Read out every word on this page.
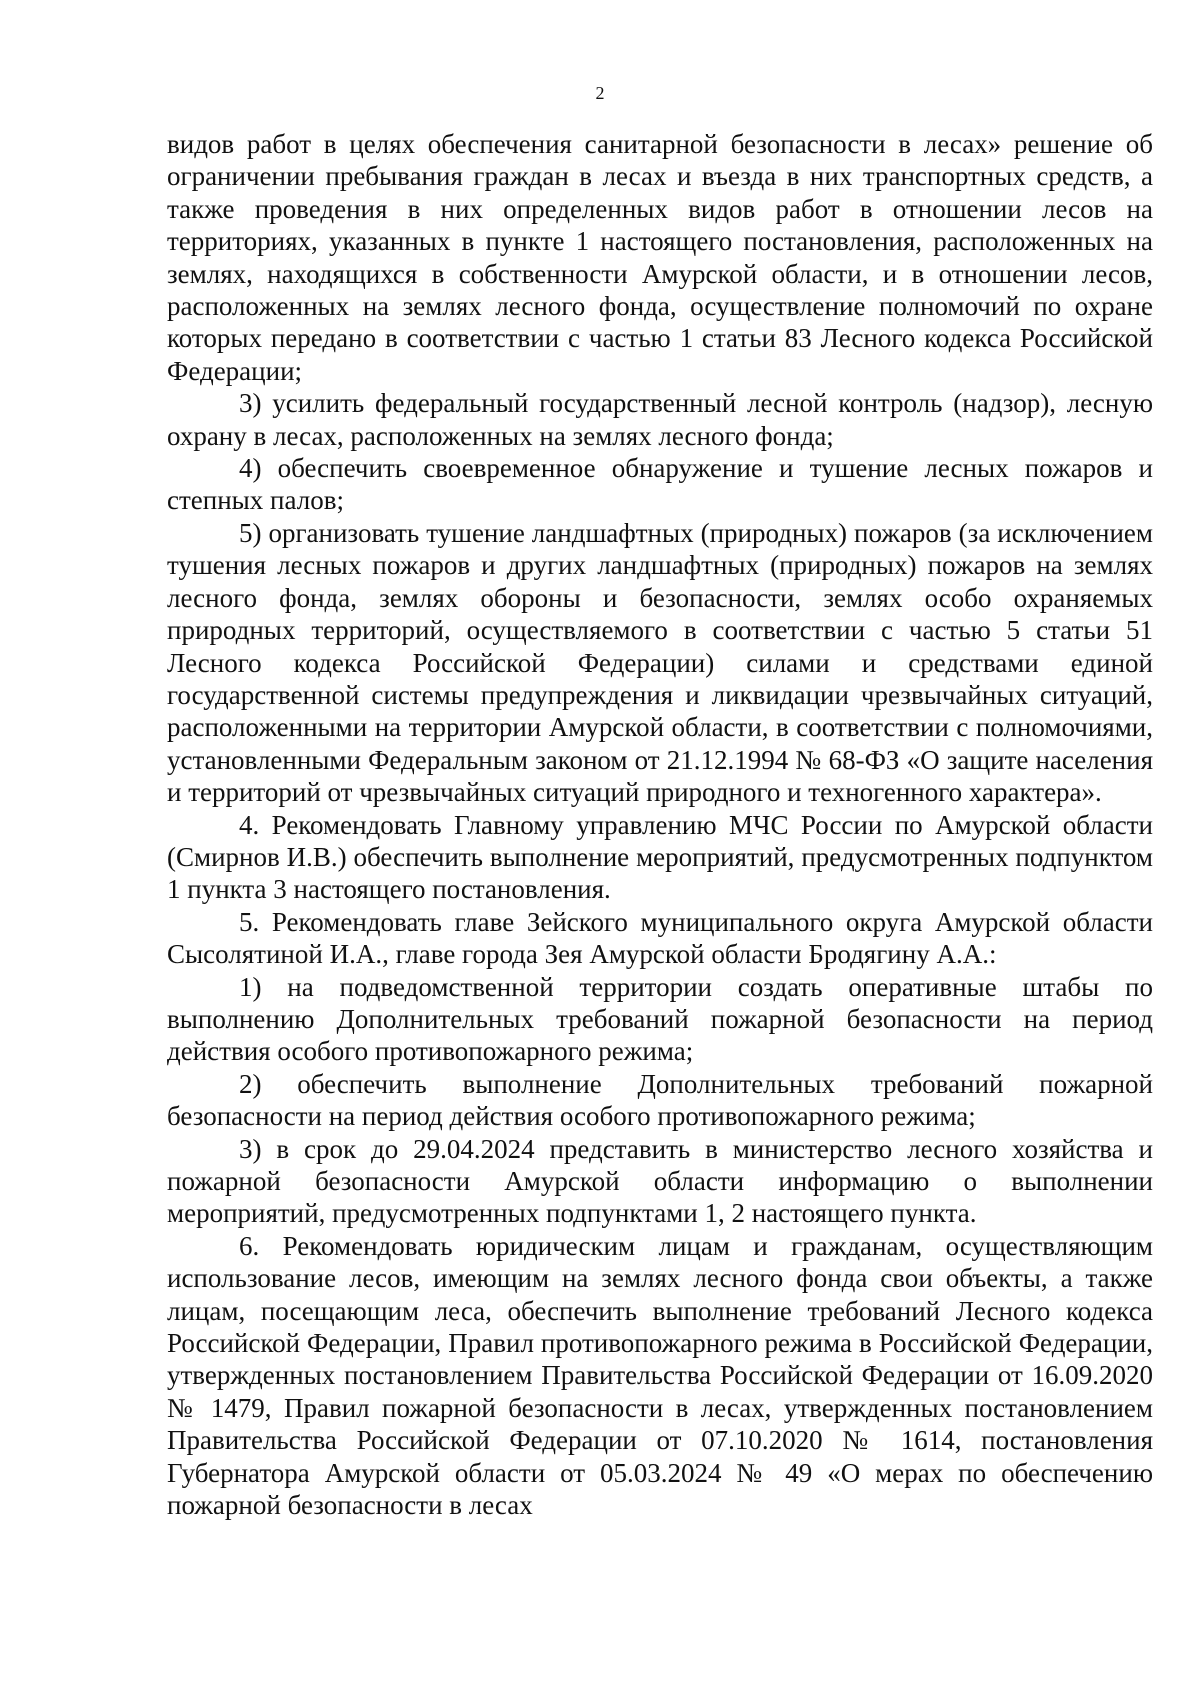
2

видов работ в целях обеспечения санитарной безопасности в лесах» решение об ограничении пребывания граждан в лесах и въезда в них транспортных средств, а также проведения в них определенных видов работ в отношении лесов на территориях, указанных в пункте 1 настоящего постановления, расположенных на землях, находящихся в собственности Амурской области, и в отношении лесов, расположенных на землях лесного фонда, осуществление полномочий по охране которых передано в соответствии с частью 1 статьи 83 Лесного кодекса Российской Федерации;

3) усилить федеральный государственный лесной контроль (надзор), лесную охрану в лесах, расположенных на землях лесного фонда;

4) обеспечить своевременное обнаружение и тушение лесных пожаров и степных палов;

5) организовать тушение ландшафтных (природных) пожаров (за исключением тушения лесных пожаров и других ландшафтных (природных) пожаров на землях лесного фонда, землях обороны и безопасности, землях особо охраняемых природных территорий, осуществляемого в соответствии с частью 5 статьи 51 Лесного кодекса Российской Федерации) силами и средствами единой государственной системы предупреждения и ликвидации чрезвычайных ситуаций, расположенными на территории Амурской области, в соответствии с полномочиями, установленными Федеральным законом от 21.12.1994 № 68-ФЗ «О защите населения и территорий от чрезвычайных ситуаций природного и техногенного характера».

4. Рекомендовать Главному управлению МЧС России по Амурской области (Смирнов И.В.) обеспечить выполнение мероприятий, предусмотренных подпунктом 1 пункта 3 настоящего постановления.

5. Рекомендовать главе Зейского муниципального округа Амурской области Сысолятиной И.А., главе города Зея Амурской области Бродягину А.А.:

1) на подведомственной территории создать оперативные штабы по выполнению Дополнительных требований пожарной безопасности на период действия особого противопожарного режима;

2) обеспечить выполнение Дополнительных требований пожарной безопасности на период действия особого противопожарного режима;

3) в срок до 29.04.2024 представить в министерство лесного хозяйства и пожарной безопасности Амурской области информацию о выполнении мероприятий, предусмотренных подпунктами 1, 2 настоящего пункта.

6. Рекомендовать юридическим лицам и гражданам, осуществляющим использование лесов, имеющим на землях лесного фонда свои объекты, а также лицам, посещающим леса, обеспечить выполнение требований Лесного кодекса Российской Федерации, Правил противопожарного режима в Российской Федерации, утвержденных постановлением Правительства Российской Федерации от 16.09.2020 № 1479, Правил пожарной безопасности в лесах, утвержденных постановлением Правительства Российской Федерации от 07.10.2020 № 1614, постановления Губернатора Амурской области от 05.03.2024 № 49 «О мерах по обеспечению пожарной безопасности в лесах
